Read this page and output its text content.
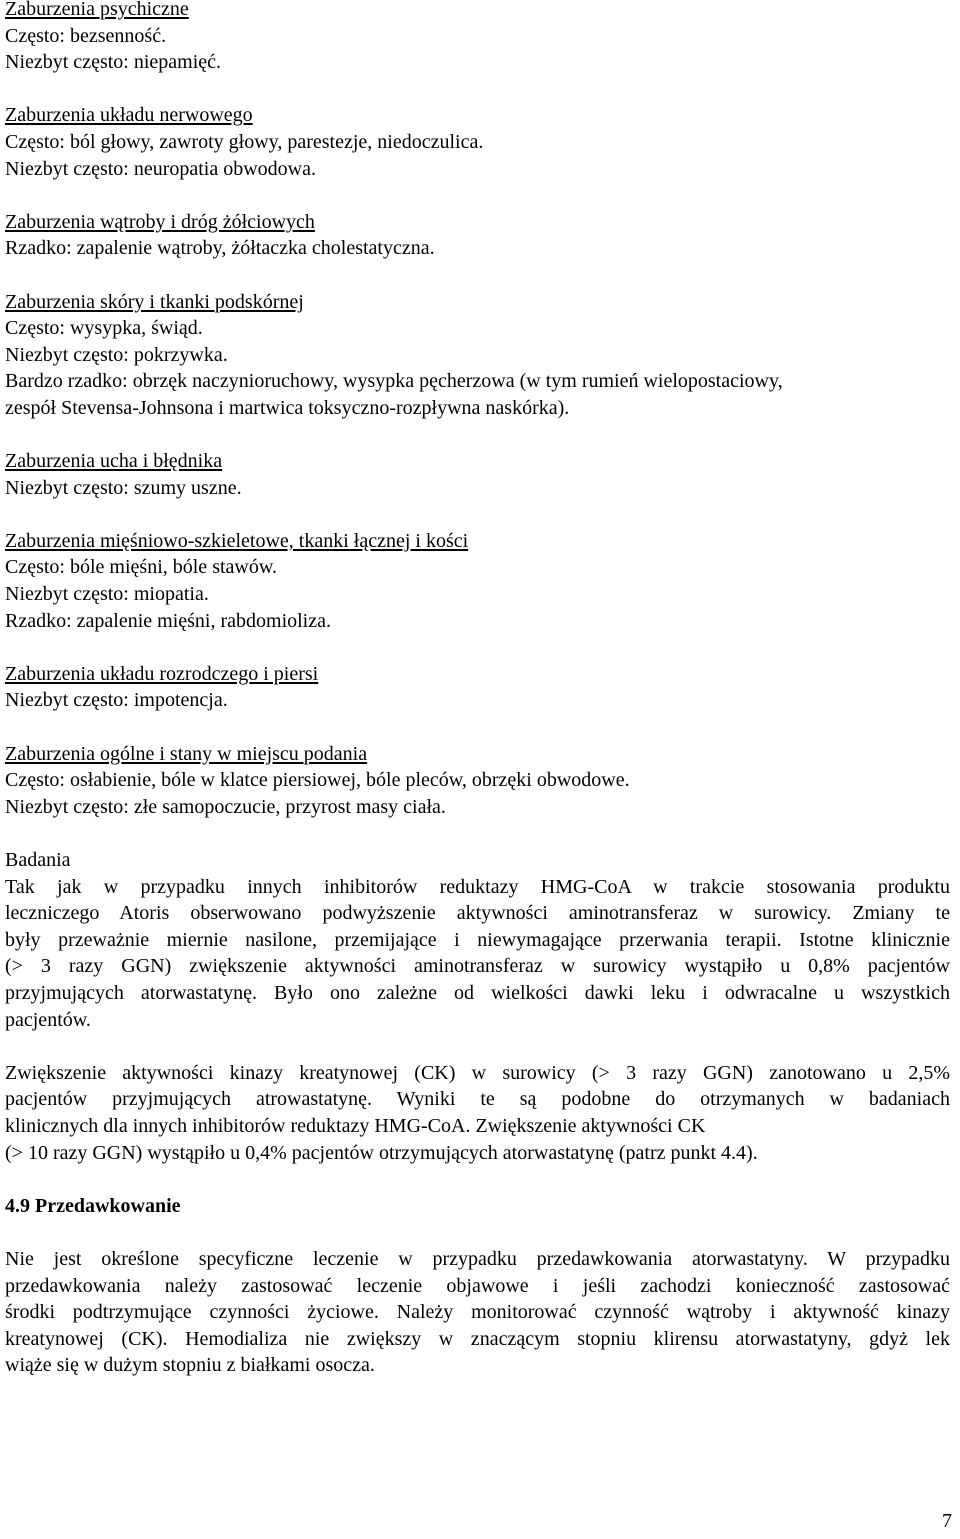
Zaburzenia psychiczne
Często: bezsenność.
Niezbyt często: niepamięć.
Zaburzenia układu nerwowego
Często: ból głowy, zawroty głowy, parestezje, niedoczulica.
Niezbyt często: neuropatia obwodowa.
Zaburzenia wątroby i dróg żółciowych
Rzadko: zapalenie wątroby, żółtaczka cholestatyczna.
Zaburzenia skóry i tkanki podskórnej
Często: wysypka, świąd.
Niezbyt często: pokrzywka.
Bardzo rzadko: obrzęk naczynioruchowy, wysypka pęcherzowa (w tym rumień wielopostaciowy,
zespół Stevensa-Johnsona i martwica toksyczno-rozpływna naskórka).
Zaburzenia ucha i błędnika
Niezbyt często: szumy uszne.
Zaburzenia mięśniowo-szkieletowe, tkanki łącznej i kości
Często: bóle mięśni, bóle stawów.
Niezbyt często: miopatia.
Rzadko: zapalenie mięśni, rabdomioliza.
Zaburzenia układu rozrodczego i piersi
Niezbyt często: impotencja.
Zaburzenia ogólne i stany w miejscu podania
Często: osłabienie, bóle w klatce piersiowej, bóle pleców, obrzęki obwodowe.
Niezbyt często: złe samopoczucie, przyrost masy ciała.
Badania
Tak jak w przypadku innych inhibitorów reduktazy HMG-CoA w trakcie stosowania produktu
leczniczego Atoris obserwowano podwyższenie aktywności aminotransferaz w surowicy. Zmiany te
były przeważnie miernie nasilone, przemijające i niewymagające przerwania terapii. Istotne klinicznie
(> 3 razy GGN) zwiększenie aktywności aminotransferaz w surowicy wystąpiło u 0,8% pacjentów
przyjmujących atorwastatynę. Było ono zależne od wielkości dawki leku i odwracalne u wszystkich
pacjentów.
Zwiększenie aktywności kinazy kreatynowej (CK) w surowicy (> 3 razy GGN) zanotowano u 2,5%
pacjentów przyjmujących atrowastatynę. Wyniki te są podobne do otrzymanych w badaniach
klinicznych dla innych inhibitorów reduktazy HMG-CoA. Zwiększenie aktywności CK
(> 10 razy GGN) wystąpiło u 0,4% pacjentów otrzymujących atorwastatynę (patrz punkt 4.4).
4.9 Przedawkowanie
Nie jest określone specyficzne leczenie w przypadku przedawkowania atorwastatyny. W przypadku
przedawkowania należy zastosować leczenie objawowe i jeśli zachodzi konieczność zastosować
środki podtrzymujące czynności życiowe. Należy monitorować czynność wątroby i aktywność kinazy
kreatynowej (CK). Hemodializa nie zwiększy w znaczącym stopniu klirensu atorwastatyny, gdyż lek
wiąże się w dużym stopniu z białkami osocza.
7
